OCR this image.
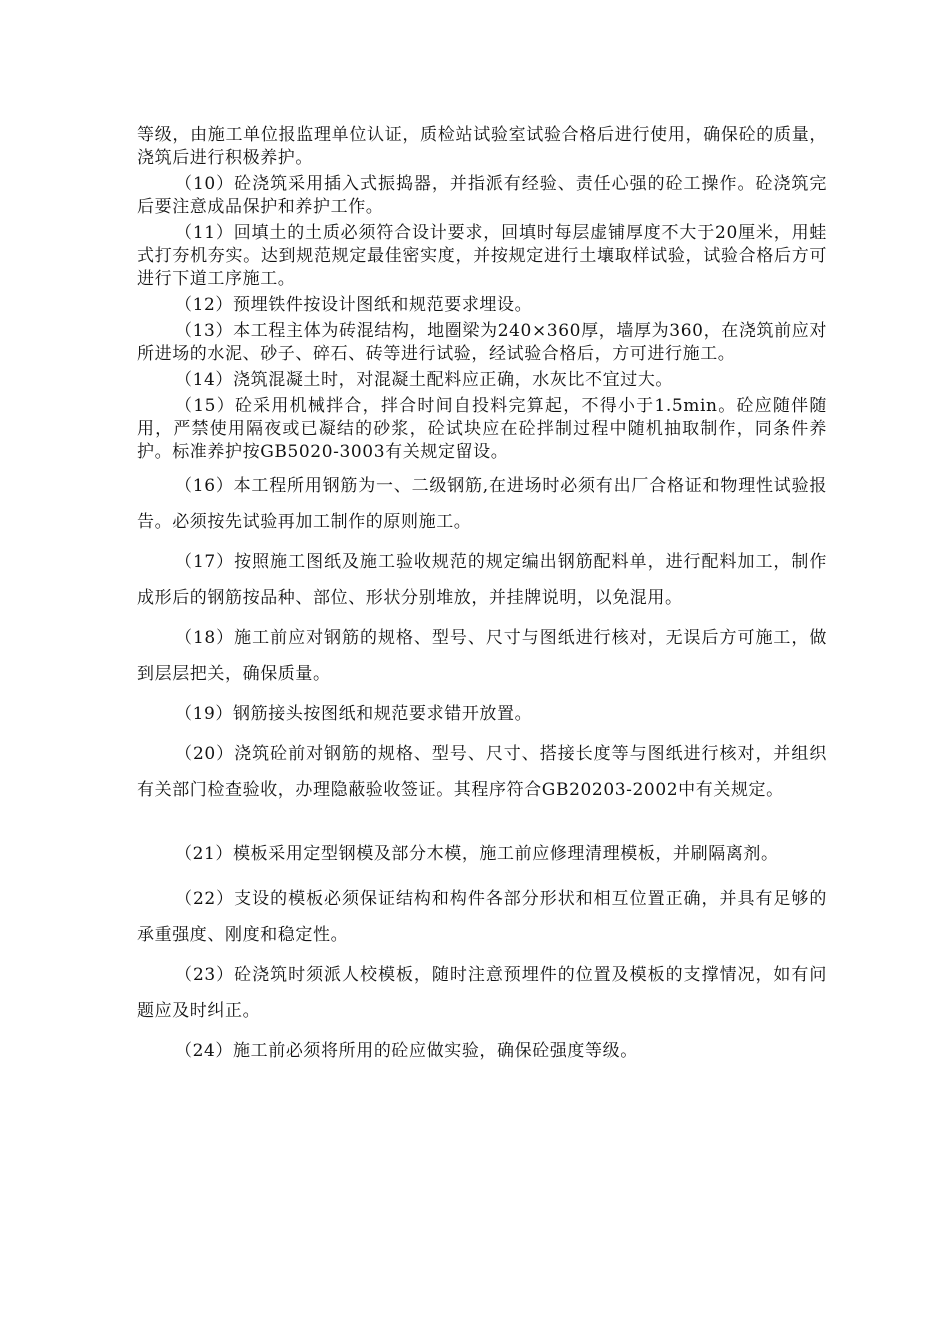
等级，由施工单位报监理单位认证，质检站试验室试验合格后进行使用，确保砼的质量，浇筑后进行积极养护。

（10）砼浇筑采用插入式振捣器，并指派有经验、责任心强的砼工操作。砼浇筑完后要注意成品保护和养护工作。

（11）回填土的土质必须符合设计要求，回填时每层虚铺厚度不大于20厘米，用蛙式打夯机夯实。达到规范规定最佳密实度，并按规定进行土壤取样试验，试验合格后方可进行下道工序施工。

（12）预埋铁件按设计图纸和规范要求埋设。

（13）本工程主体为砖混结构，地圈梁为240×360厚，墙厚为360，在浇筑前应对所进场的水泥、砂子、碎石、砖等进行试验，经试验合格后，方可进行施工。

（14）浇筑混凝土时，对混凝土配料应正确，水灰比不宜过大。

（15）砼采用机械拌合，拌合时间自投料完算起，不得小于1.5min。砼应随伴随用，严禁使用隔夜或已凝结的砂浆，砼试块应在砼拌制过程中随机抽取制作，同条件养护。标准养护按GB5020-3003有关规定留设。

（16）本工程所用钢筋为一、二级钢筋,在进场时必须有出厂合格证和物理性试验报告。必须按先试验再加工制作的原则施工。

（17）按照施工图纸及施工验收规范的规定编出钢筋配料单，进行配料加工，制作成形后的钢筋按品种、部位、形状分别堆放，并挂牌说明，以免混用。

（18）施工前应对钢筋的规格、型号、尺寸与图纸进行核对，无误后方可施工，做到层层把关，确保质量。

（19）钢筋接头按图纸和规范要求错开放置。

（20）浇筑砼前对钢筋的规格、型号、尺寸、搭接长度等与图纸进行核对，并组织有关部门检查验收，办理隐蔽验收签证。其程序符合GB20203-2002中有关规定。

（21）模板采用定型钢模及部分木模，施工前应修理清理模板，并刷隔离剂。

（22）支设的模板必须保证结构和构件各部分形状和相互位置正确，并具有足够的承重强度、刚度和稳定性。

（23）砼浇筑时须派人校模板，随时注意预埋件的位置及模板的支撑情况，如有问题应及时纠正。

（24）施工前必须将所用的砼应做实验，确保砼强度等级。
